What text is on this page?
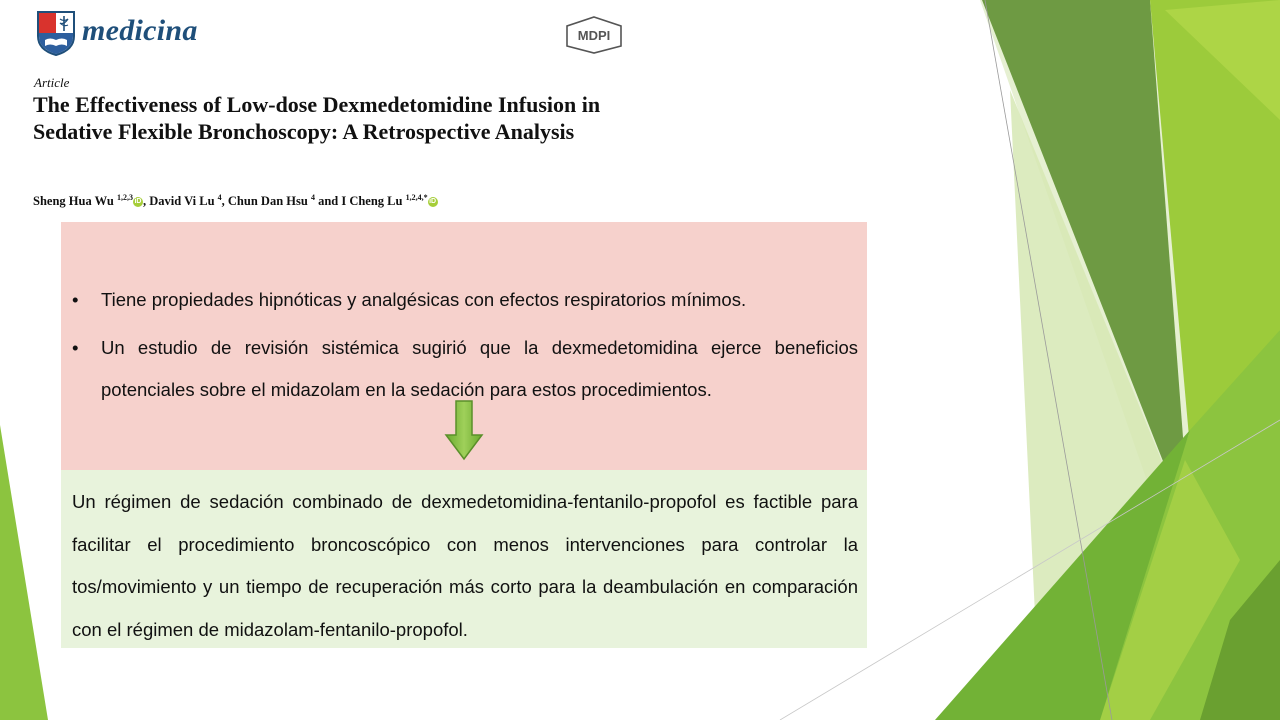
medicina	MDPI
Article
The Effectiveness of Low-dose Dexmedetomidine Infusion in Sedative Flexible Bronchoscopy: A Retrospective Analysis
Sheng Hua Wu $^{1,2,3}$ iD , David Vi Lu $^4$, Chun Dan Hsu $^4$ and I Cheng Lu $^{1,2,4,*}$ iD
• Tiene propiedades hipnóticas y analgésicas con efectos respiratorios mínimos.
• Un estudio de revisión sistémica sugirió que la dexmedetomidina ejerce beneficios potenciales sobre el midazolam en la sedación para estos procedimientos.

Un régimen de sedación combinado de dexmedetomidina-fentanilo-propofol es factible para facilitar el procedimiento broncoscópico con menos intervenciones para controlar la tos/movimiento y un tiempo de recuperación más corto para la deambulación en comparación con el régimen de midazolam-fentanilo-propofol.
